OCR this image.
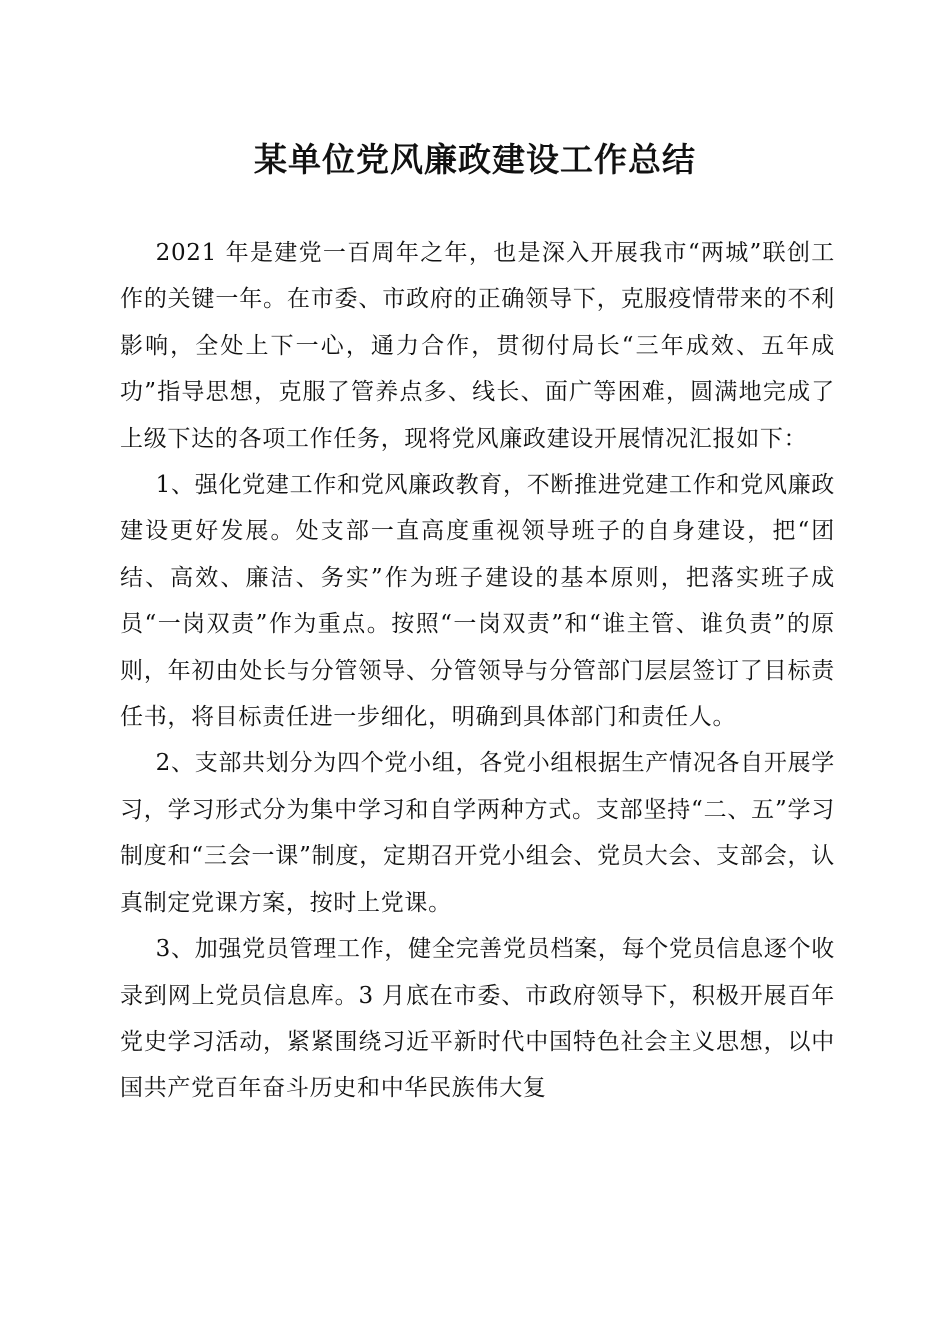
某单位党风廉政建设工作总结

2021 年是建党一百周年之年，也是深入开展我市“两城”联创工作的关键一年。在市委、市政府的正确领导下，克服疫情带来的不利影响，全处上下一心，通力合作，贯彻付局长“三年成效、五年成功”指导思想，克服了管养点多、线长、面广等困难，圆满地完成了上级下达的各项工作任务，现将党风廉政建设开展情况汇报如下：

1、强化党建工作和党风廉政教育，不断推进党建工作和党风廉政建设更好发展。处支部一直高度重视领导班子的自身建设，把“团结、高效、廉洁、务实”作为班子建设的基本原则，把落实班子成员“一岗双责”作为重点。按照“一岗双责”和“谁主管、谁负责”的原则，年初由处长与分管领导、分管领导与分管部门层层签订了目标责任书，将目标责任进一步细化，明确到具体部门和责任人。

2、支部共划分为四个党小组，各党小组根据生产情况各自开展学习，学习形式分为集中学习和自学两种方式。支部坚持“二、五”学习制度和“三会一课”制度，定期召开党小组会、党员大会、支部会，认真制定党课方案，按时上党课。

3、加强党员管理工作，健全完善党员档案，每个党员信息逐个收录到网上党员信息库。3 月底在市委、市政府领导下，积极开展百年党史学习活动，紧紧围绕习近平新时代中国特色社会主义思想，以中国共产党百年奋斗历史和中华民族伟大复
